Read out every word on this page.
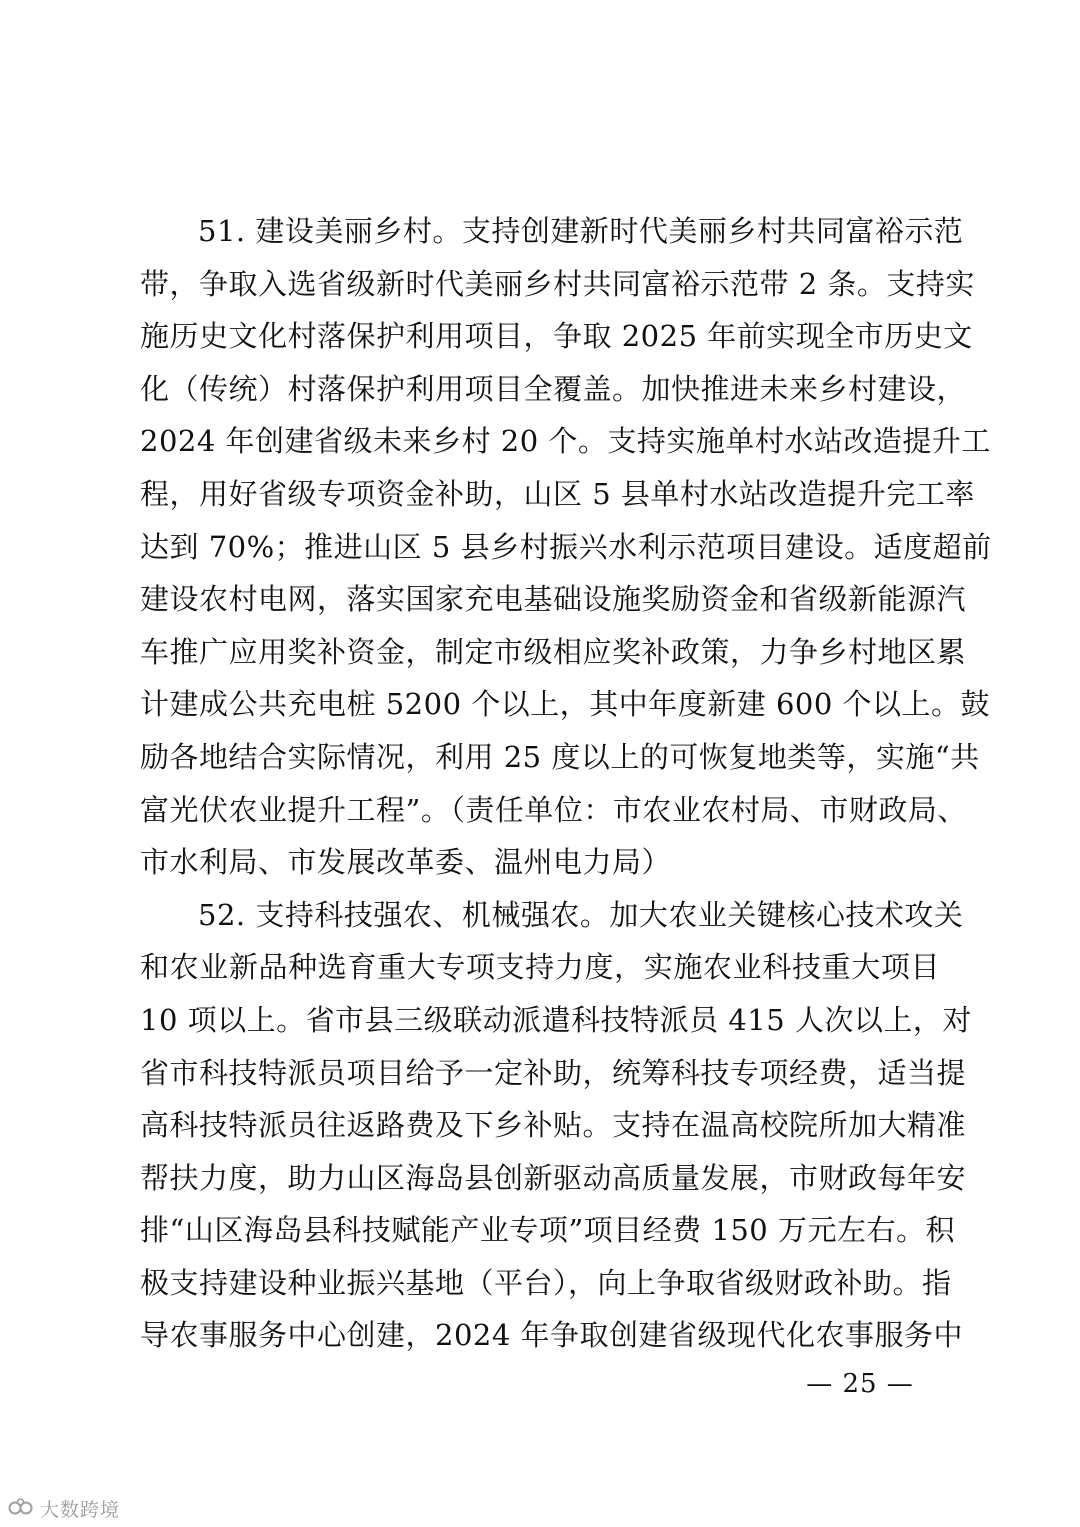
51. 建设美丽乡村。支持创建新时代美丽乡村共同富裕示范
带，争取入选省级新时代美丽乡村共同富裕示范带 2 条。支持实
施历史文化村落保护利用项目，争取 2025 年前实现全市历史文
化（传统）村落保护利用项目全覆盖。加快推进未来乡村建设，
2024 年创建省级未来乡村 20 个。支持实施单村水站改造提升工
程，用好省级专项资金补助，山区 5 县单村水站改造提升完工率
达到 70%；推进山区 5 县乡村振兴水利示范项目建设。适度超前
建设农村电网，落实国家充电基础设施奖励资金和省级新能源汽
车推广应用奖补资金，制定市级相应奖补政策，力争乡村地区累
计建成公共充电桩 5200 个以上，其中年度新建 600 个以上。鼓
励各地结合实际情况，利用 25 度以上的可恢复地类等，实施“共
富光伏农业提升工程”。（责任单位：市农业农村局、市财政局、
市水利局、市发展改革委、温州电力局）
52. 支持科技强农、机械强农。加大农业关键核心技术攻关
和农业新品种选育重大专项支持力度，实施农业科技重大项目
10 项以上。省市县三级联动派遣科技特派员 415 人次以上，对
省市科技特派员项目给予一定补助，统筹科技专项经费，适当提
高科技特派员往返路费及下乡补贴。支持在温高校院所加大精准
帮扶力度，助力山区海岛县创新驱动高质量发展，市财政每年安
排“山区海岛县科技赋能产业专项”项目经费 150 万元左右。积
极支持建设种业振兴基地（平台），向上争取省级财政补助。指
导农事服务中心创建，2024 年争取创建省级现代化农事服务中
— 25 —
大数跨境
